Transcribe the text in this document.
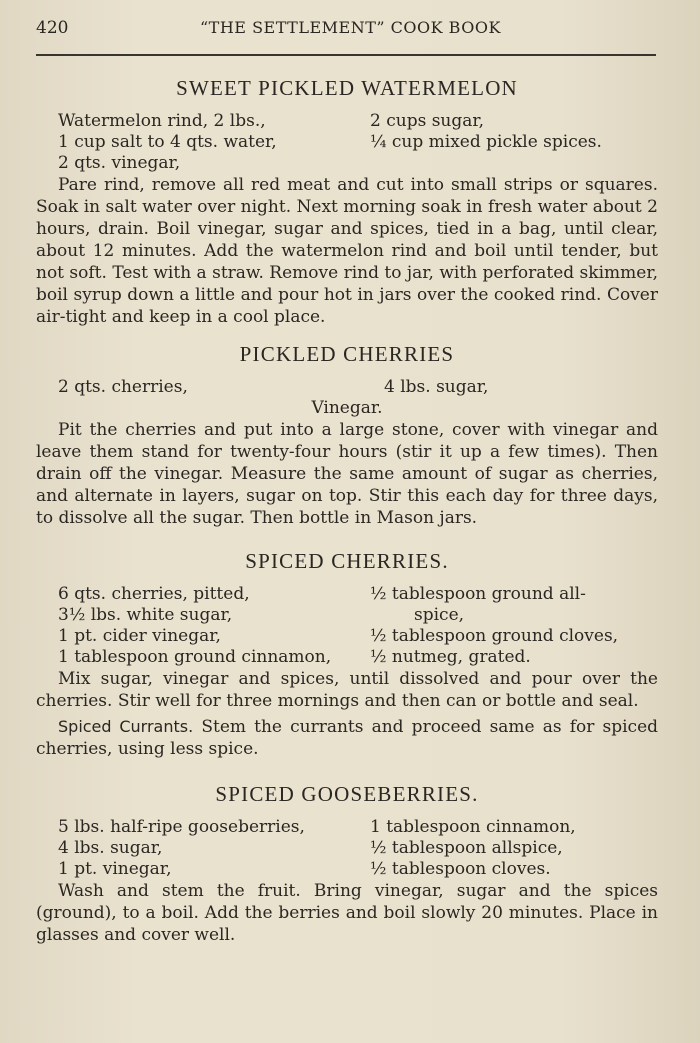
420	“THE SETTLEMENT” COOK BOOK
SWEET PICKLED WATERMELON
Watermelon rind, 2 lbs.,	2 cups sugar,
1 cup salt to 4 qts. water,	¼ cup mixed pickle spices.
2 qts. vinegar,

Pare rind, remove all red meat and cut into small strips or squares. Soak in salt water over night. Next morning soak in fresh water about 2 hours, drain. Boil vinegar, sugar and spices, tied in a bag, until clear, about 12 minutes. Add the watermelon rind and boil until tender, but not soft. Test with a straw. Remove rind to jar, with perforated skimmer, boil syrup down a little and pour hot in jars over the cooked rind. Cover air-tight and keep in a cool place.

PICKLED CHERRIES
2 qts. cherries,	4 lbs. sugar,
Vinegar.

Pit the cherries and put into a large stone, cover with vinegar and leave them stand for twenty-four hours (stir it up a few times). Then drain off the vinegar. Measure the same amount of sugar as cherries, and alternate in layers, sugar on top. Stir this each day for three days, to dissolve all the sugar. Then bottle in Mason jars.

SPICED CHERRIES.
6 qts. cherries, pitted,	½ tablespoon ground all-
3½ lbs. white sugar,	spice,
1 pt. cider vinegar,	½ tablespoon ground cloves,
1 tablespoon ground cinnamon,	½ nutmeg, grated.

Mix sugar, vinegar and spices, until dissolved and pour over the cherries. Stir well for three mornings and then can or bottle and seal.

Spiced Currants. Stem the currants and proceed same as for spiced cherries, using less spice.

SPICED GOOSEBERRIES.
5 lbs. half-ripe gooseberries,	1 tablespoon cinnamon,
4 lbs. sugar,	½ tablespoon allspice,
1 pt. vinegar,	½ tablespoon cloves.

Wash and stem the fruit. Bring vinegar, sugar and the spices (ground), to a boil. Add the berries and boil slowly 20 minutes. Place in glasses and cover well.
